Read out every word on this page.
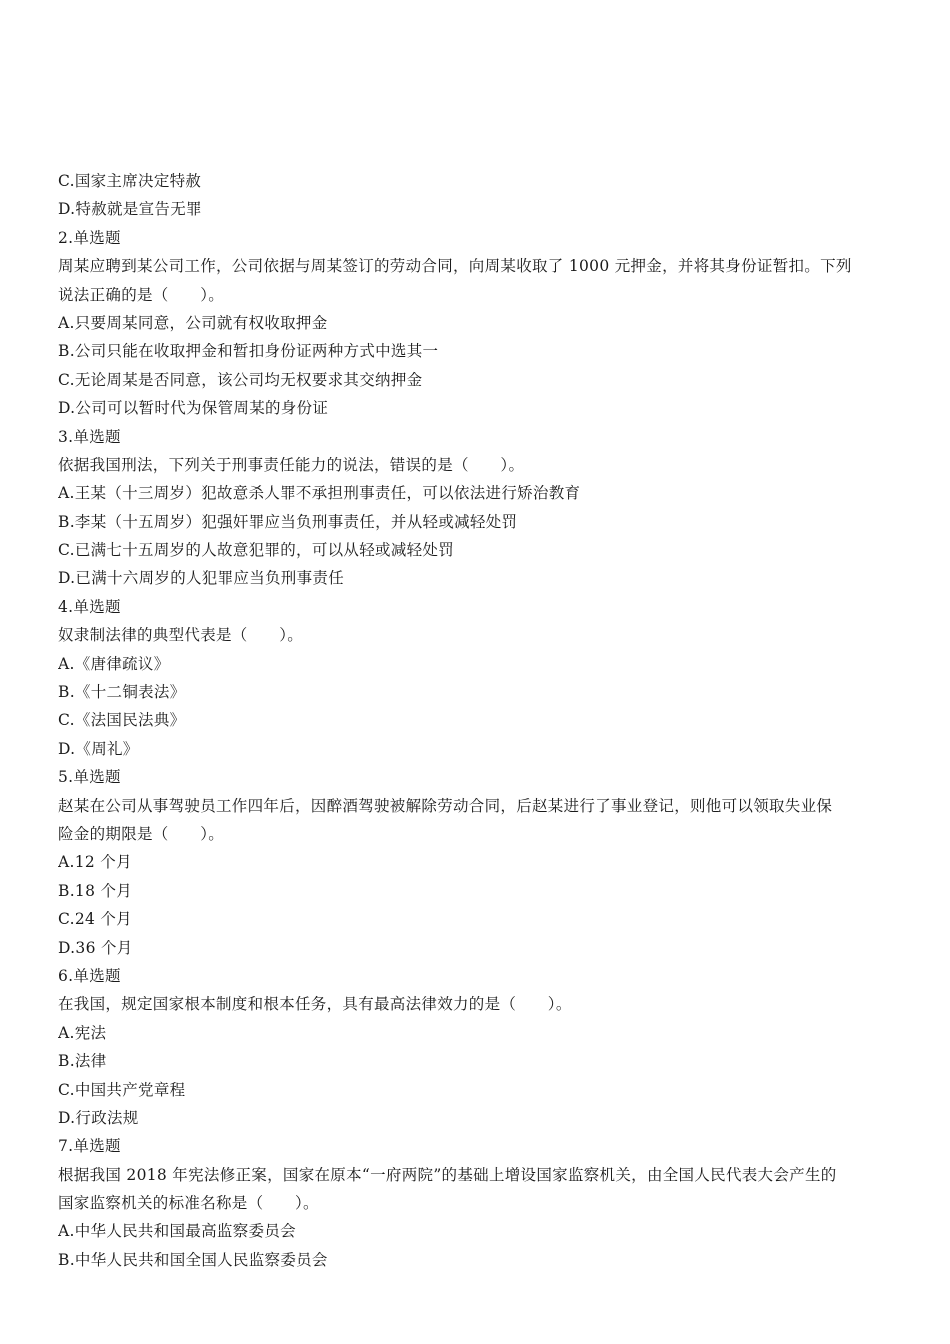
C.国家主席决定特赦
D.特赦就是宣告无罪
2.单选题
周某应聘到某公司工作，公司依据与周某签订的劳动合同，向周某收取了 1000 元押金，并将其身份证暂扣。下列
说法正确的是（　　）。
A.只要周某同意，公司就有权收取押金
B.公司只能在收取押金和暂扣身份证两种方式中选其一
C.无论周某是否同意，该公司均无权要求其交纳押金
D.公司可以暂时代为保管周某的身份证
3.单选题
依据我国刑法，下列关于刑事责任能力的说法，错误的是（　　）。
A.王某（十三周岁）犯故意杀人罪不承担刑事责任，可以依法进行矫治教育
B.李某（十五周岁）犯强奸罪应当负刑事责任，并从轻或减轻处罚
C.已满七十五周岁的人故意犯罪的，可以从轻或减轻处罚
D.已满十六周岁的人犯罪应当负刑事责任
4.单选题
奴隶制法律的典型代表是（　　）。
A.《唐律疏议》
B.《十二铜表法》
C.《法国民法典》
D.《周礼》
5.单选题
赵某在公司从事驾驶员工作四年后，因醉酒驾驶被解除劳动合同，后赵某进行了事业登记，则他可以领取失业保
险金的期限是（　　）。
A.12 个月
B.18 个月
C.24 个月
D.36 个月
6.单选题
在我国，规定国家根本制度和根本任务，具有最高法律效力的是（　　）。
A.宪法
B.法律
C.中国共产党章程
D.行政法规
7.单选题
根据我国 2018 年宪法修正案，国家在原本“一府两院”的基础上增设国家监察机关，由全国人民代表大会产生的
国家监察机关的标准名称是（　　）。
A.中华人民共和国最高监察委员会
B.中华人民共和国全国人民监察委员会
